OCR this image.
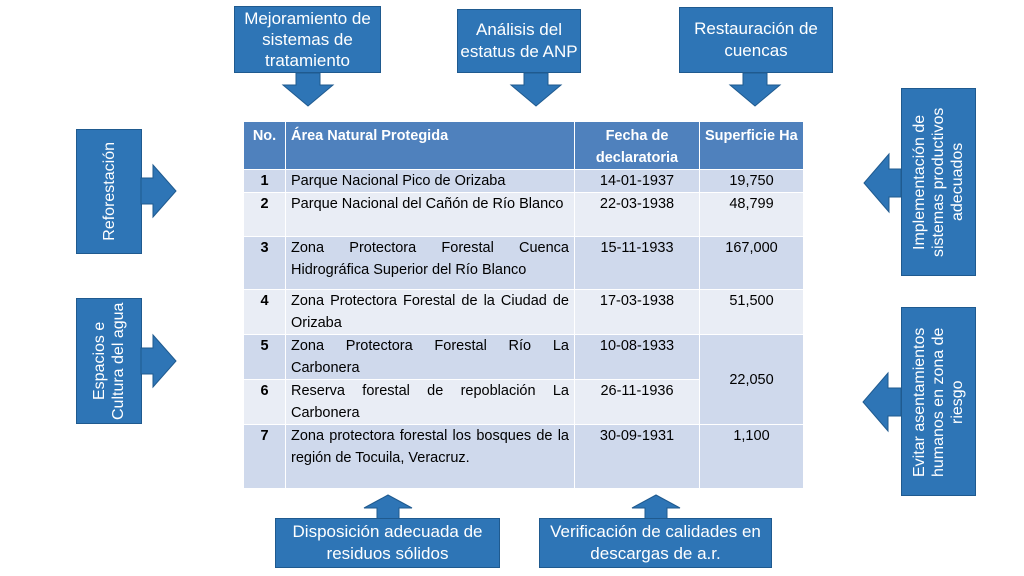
Mejoramiento de sistemas de tratamiento
Análisis del estatus de ANP
Restauración de cuencas
Reforestación
Espacios e Cultura del agua
Implementación de sistemas productivos adecuados
Evitar asentamientos humanos en zona de riesgo
Disposición adecuada de residuos sólidos
Verificación de calidades en descargas de a.r.
No.	Área Natural Protegida	Fecha de declaratoria	Superficie Ha
1	Parque Nacional Pico de Orizaba	14-01-1937	19,750
2	Parque Nacional del Cañón de Río Blanco	22-03-1938	48,799
3	Zona Protectora Forestal Cuenca Hidrográfica Superior del Río Blanco	15-11-1933	167,000
4	Zona Protectora Forestal de la Ciudad de Orizaba	17-03-1938	51,500
5	Zona Protectora Forestal Río La Carbonera	10-08-1933	22,050
6	Reserva forestal de repoblación La Carbonera	26-11-1936	
7	Zona protectora forestal los bosques de la región de Tocuila, Veracruz.	30-09-1931	1,100
